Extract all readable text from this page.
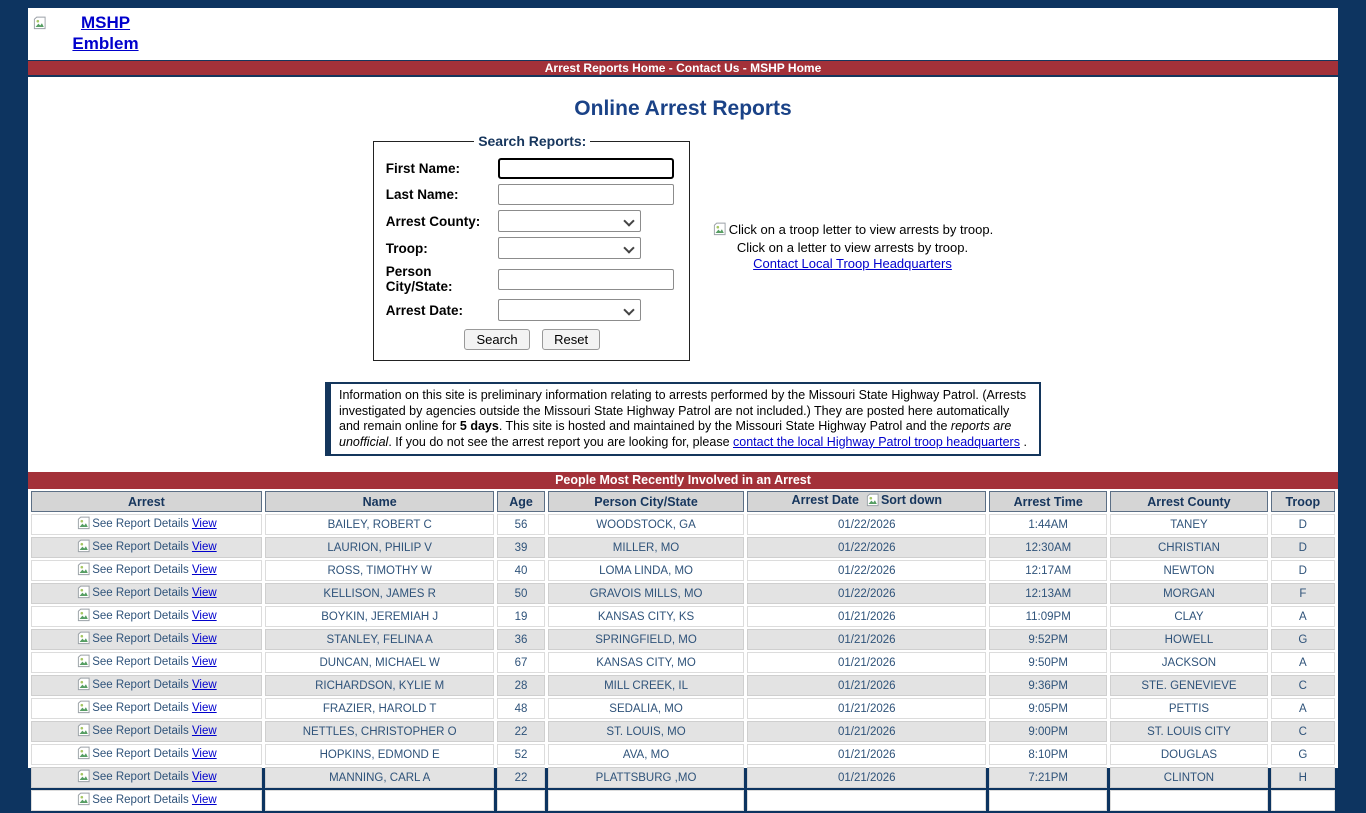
MSHP Emblem
Arrest Reports Home - Contact Us - MSHP Home
Online Arrest Reports
Search Reports:
First Name:
Last Name:
Arrest County:
Troop:
Person City/State:
Arrest Date:
Search	Reset
Click on a troop letter to view arrests by troop.
Click on a letter to view arrests by troop.
Contact Local Troop Headquarters
Information on this site is preliminary information relating to arrests performed by the Missouri State Highway Patrol. (Arrests investigated by agencies outside the Missouri State Highway Patrol are not included.) They are posted here automatically and remain online for 5 days. This site is hosted and maintained by the Missouri State Highway Patrol and the reports are unofficial. If you do not see the arrest report you are looking for, please contact the local Highway Patrol troop headquarters .
People Most Recently Involved in an Arrest
Arrest	Name	Age	Person City/State	Arrest Date Sort down	Arrest Time	Arrest County	Troop
See Report Details View	BAILEY, ROBERT C	56	WOODSTOCK, GA	01/22/2026	1:44AM	TANEY	D
See Report Details View	LAURION, PHILIP V	39	MILLER, MO	01/22/2026	12:30AM	CHRISTIAN	D
See Report Details View	ROSS, TIMOTHY W	40	LOMA LINDA, MO	01/22/2026	12:17AM	NEWTON	D
See Report Details View	KELLISON, JAMES R	50	GRAVOIS MILLS, MO	01/22/2026	12:13AM	MORGAN	F
See Report Details View	BOYKIN, JEREMIAH J	19	KANSAS CITY, KS	01/21/2026	11:09PM	CLAY	A
See Report Details View	STANLEY, FELINA A	36	SPRINGFIELD, MO	01/21/2026	9:52PM	HOWELL	G
See Report Details View	DUNCAN, MICHAEL W	67	KANSAS CITY, MO	01/21/2026	9:50PM	JACKSON	A
See Report Details View	RICHARDSON, KYLIE M	28	MILL CREEK, IL	01/21/2026	9:36PM	STE. GENEVIEVE	C
See Report Details View	FRAZIER, HAROLD T	48	SEDALIA, MO	01/21/2026	9:05PM	PETTIS	A
See Report Details View	NETTLES, CHRISTOPHER O	22	ST. LOUIS, MO	01/21/2026	9:00PM	ST. LOUIS CITY	C
See Report Details View	HOPKINS, EDMOND E	52	AVA, MO	01/21/2026	8:10PM	DOUGLAS	G
See Report Details View	MANNING, CARL A	22	PLATTSBURG ,MO	01/21/2026	7:21PM	CLINTON	H
See Report Details View							
